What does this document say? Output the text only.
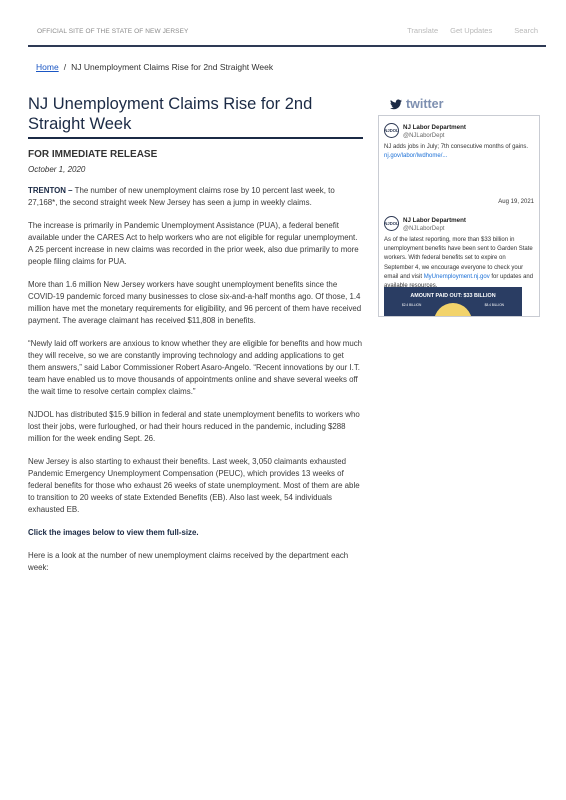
OFFICIAL SITE OF THE STATE OF NEW JERSEY	Translate Get Updates	Search
Home / NJ Unemployment Claims Rise for 2nd Straight Week
NJ Unemployment Claims Rise for 2nd Straight Week
FOR IMMEDIATE RELEASE
October 1, 2020

TRENTON – The number of new unemployment claims rose by 10 percent last week, to 27,168*, the second straight week New Jersey has seen a jump in weekly claims.

The increase is primarily in Pandemic Unemployment Assistance (PUA), a federal benefit available under the CARES Act to help workers who are not eligible for regular unemployment. A 25 percent increase in new claims was recorded in the prior week, also due primarily to more people filing claims for PUA.

More than 1.6 million New Jersey workers have sought unemployment benefits since the COVID-19 pandemic forced many businesses to close six-and-a-half months ago. Of those, 1.4 million have met the monetary requirements for eligibility, and 96 percent of them have received payment. The average claimant has received $11,808 in benefits.

“Newly laid off workers are anxious to know whether they are eligible for benefits and how much they will receive, so we are constantly improving technology and adding applications to get them answers,” said Labor Commissioner Robert Asaro-Angelo. “Recent innovations by our I.T. team have enabled us to move thousands of appointments online and shave several weeks off the wait time to resolve certain complex claims.”

NJDOL has distributed $15.9 billion in federal and state unemployment benefits to workers who lost their jobs, were furloughed, or had their hours reduced in the pandemic, including $288 million for the week ending Sept. 26.

New Jersey is also starting to exhaust their benefits. Last week, 3,050 claimants exhausted Pandemic Emergency Unemployment Compensation (PEUC), which provides 13 weeks of federal benefits for those who exhaust 26 weeks of state unemployment. Most of them are able to transition to 20 weeks of state Extended Benefits (EB). Also last week, 54 individuals exhausted EB.

Click the images below to view them full-size.

Here is a look at the number of new unemployment claims received by the department each week:

twitter
NJDOL NJ Labor Department
@NJLaborDept
NJ adds jobs in July; 7th consecutive months of gains. nj.gov/labor/lwdhome/...
Aug 19, 2021
NJDOL NJ Labor Department
@NJLaborDept
As of the latest reporting, more than $33 billion in unemployment benefits have been sent to Garden State workers. With federal benefits set to expire on September 4, we encourage everyone to check your email and visit MyUnemployment.nj.gov for updates and
AMOUNT PAID OUT: $33 BILLION
$2.4 BILLION	$8.4 BILLION
